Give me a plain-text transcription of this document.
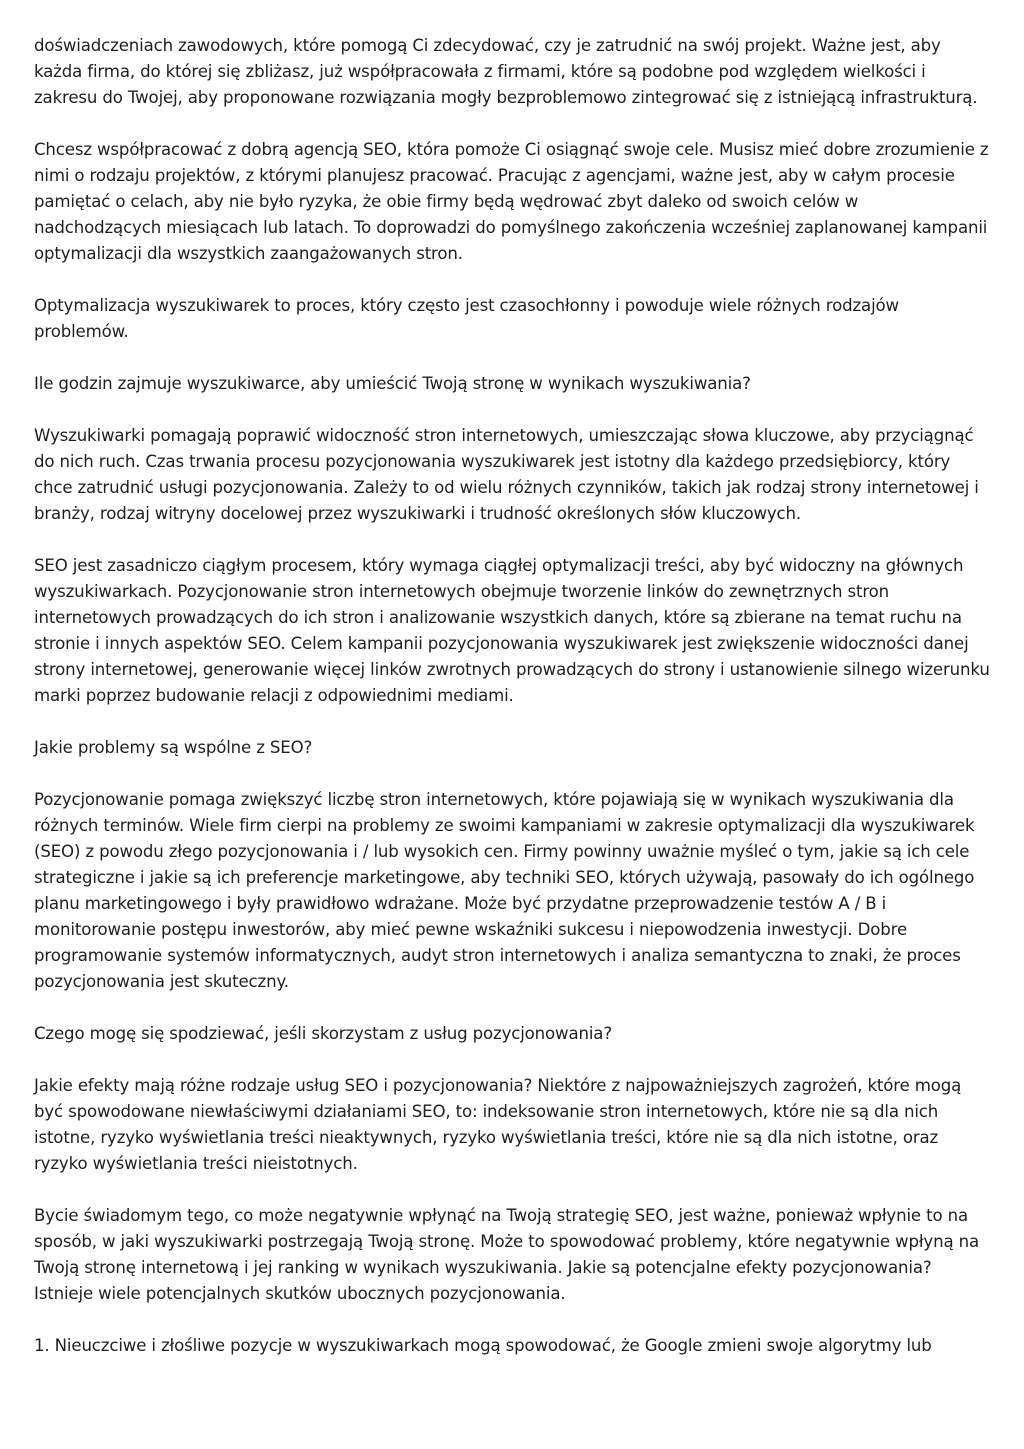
doświadczeniach zawodowych, które pomogą Ci zdecydować, czy je zatrudnić na swój projekt. Ważne jest, aby każda firma, do której się zbliżasz, już współpracowała z firmami, które są podobne pod względem wielkości i zakresu do Twojej, aby proponowane rozwiązania mogły bezproblemowo zintegrować się z istniejącą infrastrukturą.

Chcesz współpracować z dobrą agencją SEO, która pomoże Ci osiągnąć swoje cele. Musisz mieć dobre zrozumienie z nimi o rodzaju projektów, z którymi planujesz pracować. Pracując z agencjami, ważne jest, aby w całym procesie pamiętać o celach, aby nie było ryzyka, że obie firmy będą wędrować zbyt daleko od swoich celów w nadchodzących miesiącach lub latach. To doprowadzi do pomyślnego zakończenia wcześniej zaplanowanej kampanii optymalizacji dla wszystkich zaangażowanych stron.

Optymalizacja wyszukiwarek to proces, który często jest czasochłonny i powoduje wiele różnych rodzajów problemów.

Ile godzin zajmuje wyszukiwarce, aby umieścić Twoją stronę w wynikach wyszukiwania?

Wyszukiwarki pomagają poprawić widoczność stron internetowych, umieszczając słowa kluczowe, aby przyciągnąć do nich ruch. Czas trwania procesu pozycjonowania wyszukiwarek jest istotny dla każdego przedsiębiorcy, który chce zatrudnić usługi pozycjonowania. Zależy to od wielu różnych czynników, takich jak rodzaj strony internetowej i branży, rodzaj witryny docelowej przez wyszukiwarki i trudność określonych słów kluczowych.

SEO jest zasadniczo ciągłym procesem, który wymaga ciągłej optymalizacji treści, aby być widoczny na głównych wyszukiwarkach. Pozycjonowanie stron internetowych obejmuje tworzenie linków do zewnętrznych stron internetowych prowadzących do ich stron i analizowanie wszystkich danych, które są zbierane na temat ruchu na stronie i innych aspektów SEO. Celem kampanii pozycjonowania wyszukiwarek jest zwiększenie widoczności danej strony internetowej, generowanie więcej linków zwrotnych prowadzących do strony i ustanowienie silnego wizerunku marki poprzez budowanie relacji z odpowiednimi mediami.

Jakie problemy są wspólne z SEO?

Pozycjonowanie pomaga zwiększyć liczbę stron internetowych, które pojawiają się w wynikach wyszukiwania dla różnych terminów. Wiele firm cierpi na problemy ze swoimi kampaniami w zakresie optymalizacji dla wyszukiwarek (SEO) z powodu złego pozycjonowania i / lub wysokich cen. Firmy powinny uważnie myśleć o tym, jakie są ich cele strategiczne i jakie są ich preferencje marketingowe, aby techniki SEO, których używają, pasowały do ich ogólnego planu marketingowego i były prawidłowo wdrażane. Może być przydatne przeprowadzenie testów A / B i monitorowanie postępu inwestorów, aby mieć pewne wskaźniki sukcesu i niepowodzenia inwestycji. Dobre programowanie systemów informatycznych, audyt stron internetowych i analiza semantyczna to znaki, że proces pozycjonowania jest skuteczny.

Czego mogę się spodziewać, jeśli skorzystam z usług pozycjonowania?

Jakie efekty mają różne rodzaje usług SEO i pozycjonowania? Niektóre z najpoważniejszych zagrożeń, które mogą być spowodowane niewłaściwymi działaniami SEO, to: indeksowanie stron internetowych, które nie są dla nich istotne, ryzyko wyświetlania treści nieaktywnych, ryzyko wyświetlania treści, które nie są dla nich istotne, oraz ryzyko wyświetlania treści nieistotnych.

Bycie świadomym tego, co może negatywnie wpłynąć na Twoją strategię SEO, jest ważne, ponieważ wpłynie to na sposób, w jaki wyszukiwarki postrzegają Twoją stronę. Może to spowodować problemy, które negatywnie wpłyną na Twoją stronę internetową i jej ranking w wynikach wyszukiwania. Jakie są potencjalne efekty pozycjonowania? Istnieje wiele potencjalnych skutków ubocznych pozycjonowania.

1. Nieuczciwe i złośliwe pozycje w wyszukiwarkach mogą spowodować, że Google zmieni swoje algorytmy lub
